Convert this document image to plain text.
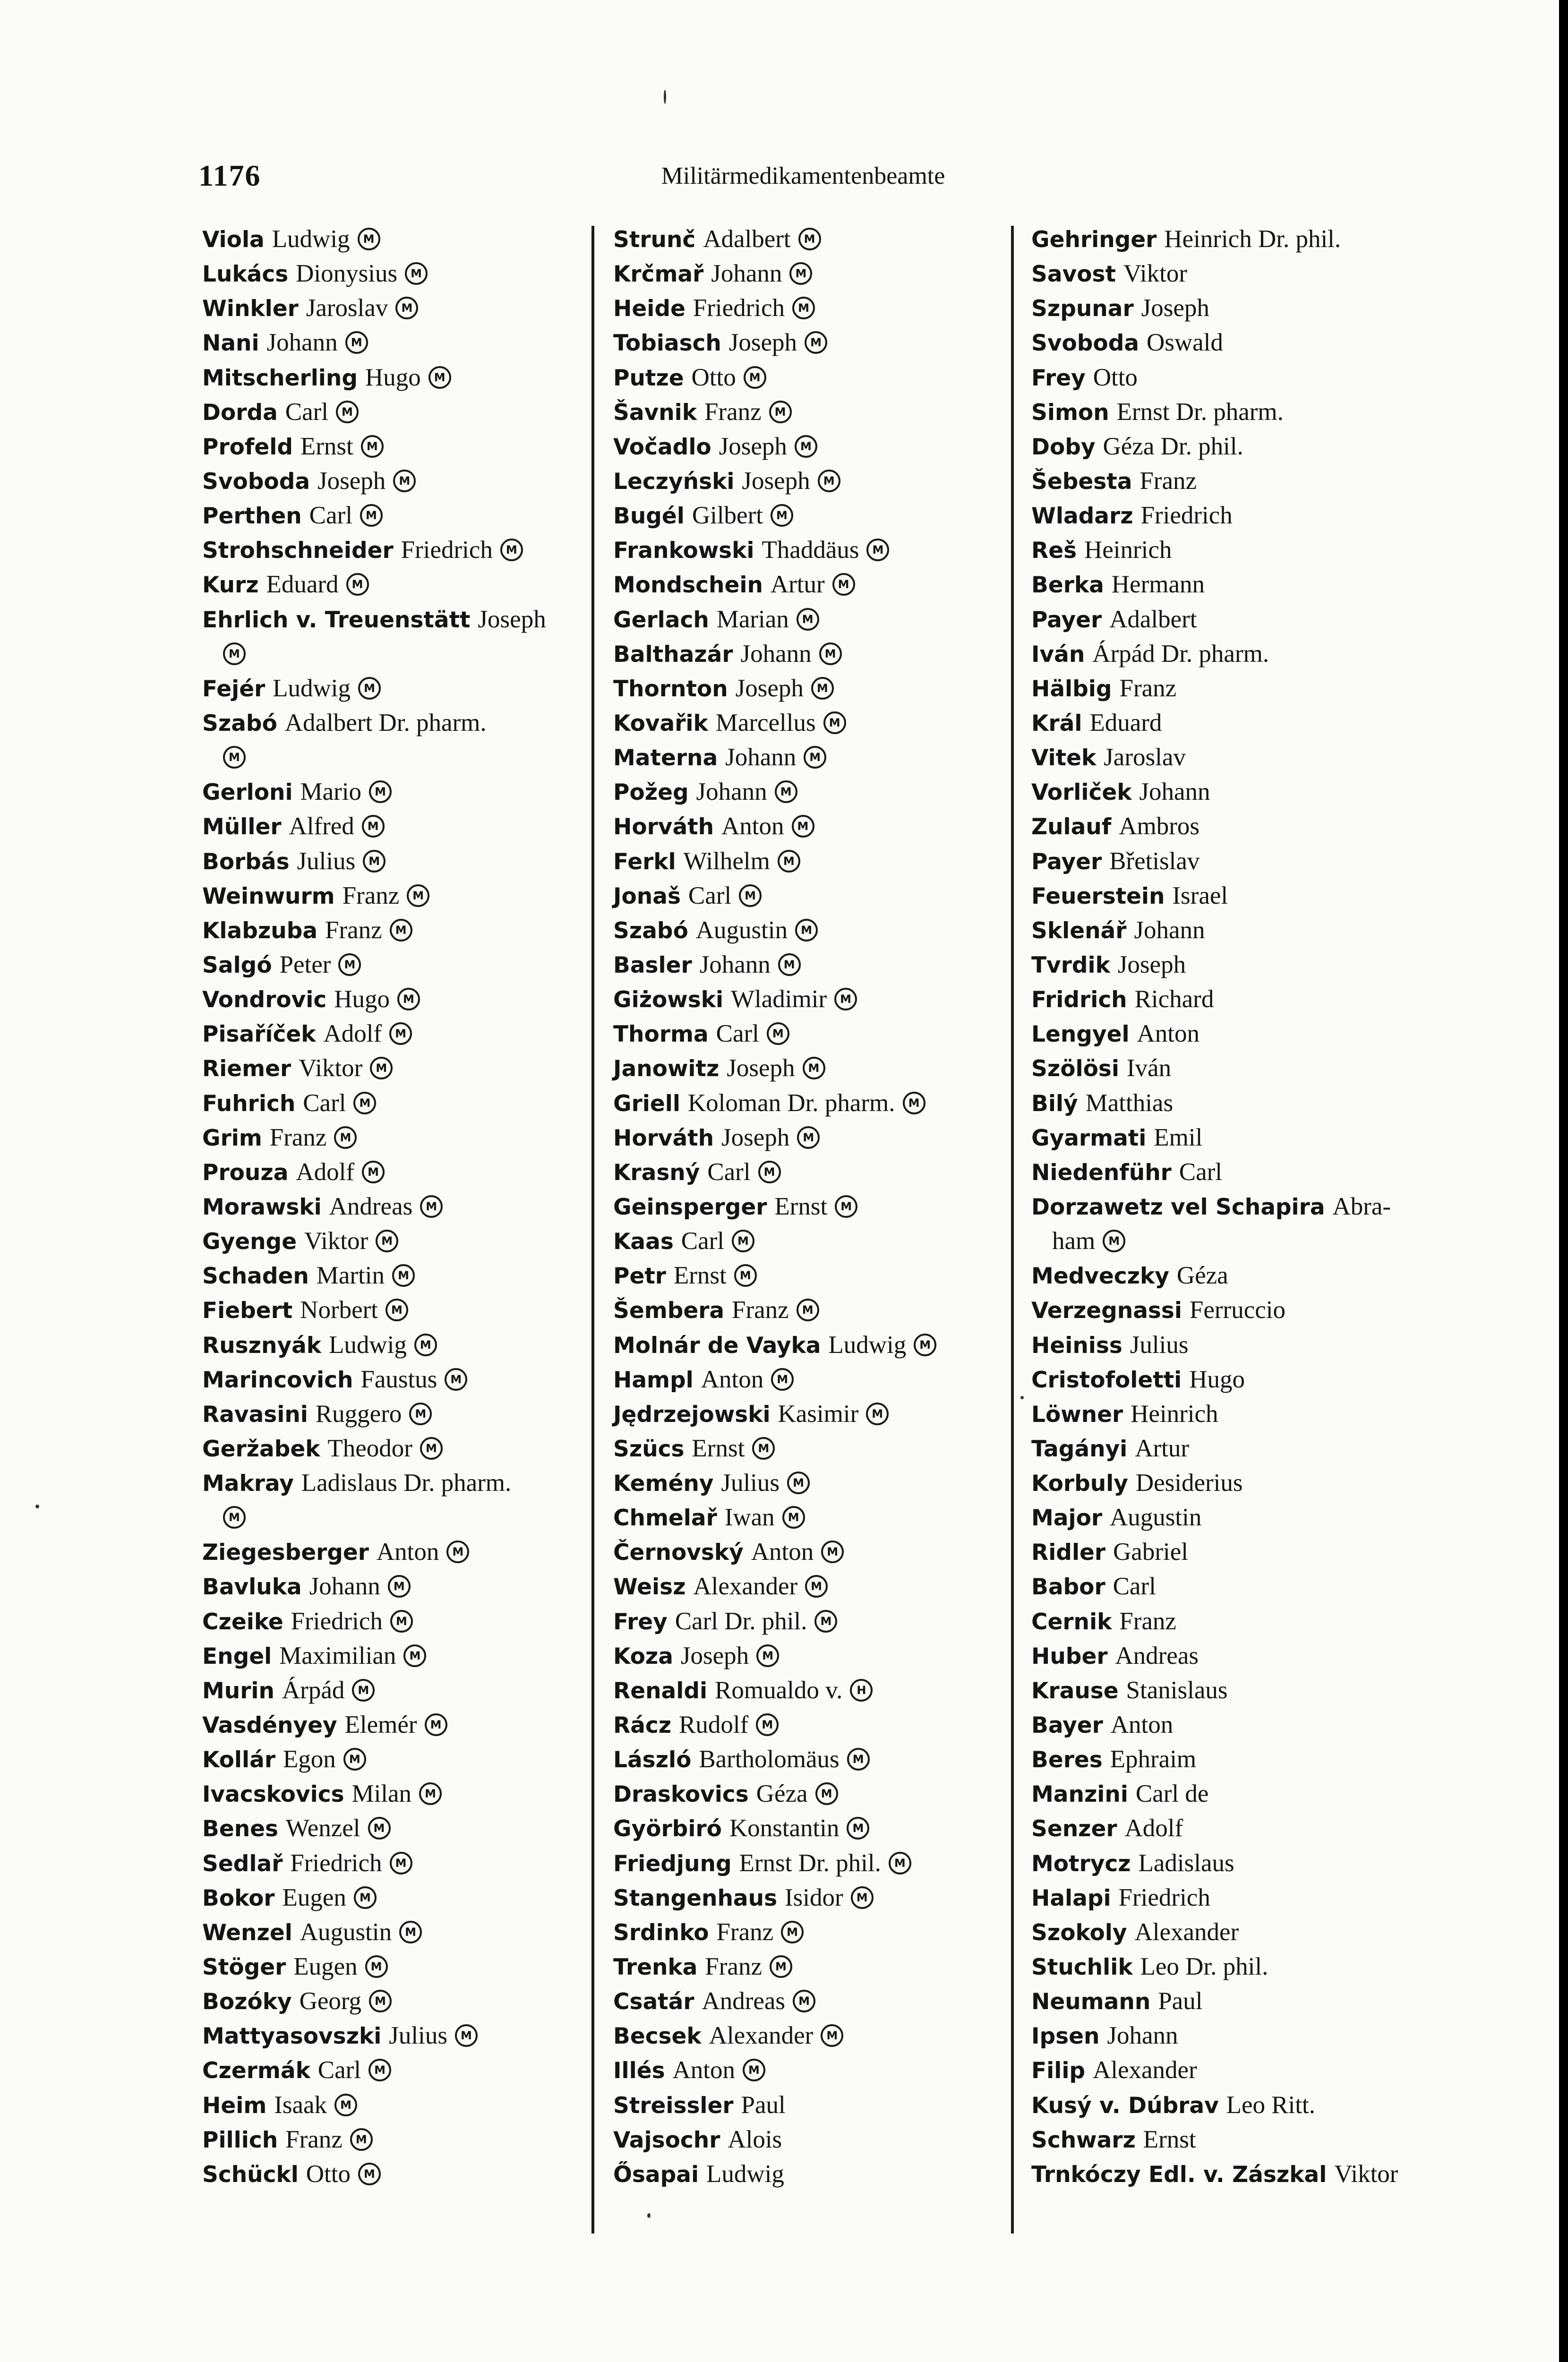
1176	Militärmedikamentenbeamte
Viola Ludwig M
Lukács Dionysius M
Winkler Jaroslav M
Nani Johann M
Mitscherling Hugo M
Dorda Carl M
Profeld Ernst M
Svoboda Joseph M
Perthen Carl M
Strohschneider Friedrich M
Kurz Eduard M
Ehrlich v. Treuenstätt Joseph
M
Fejér Ludwig M
Szabó Adalbert Dr. pharm.
M
Gerloni Mario M
Müller Alfred M
Borbás Julius M
Weinwurm Franz M
Klabzuba Franz M
Salgó Peter M
Vondrovic Hugo M
Pisaříček Adolf M
Riemer Viktor M
Fuhrich Carl M
Grim Franz M
Prouza Adolf M
Morawski Andreas M
Gyenge Viktor M
Schaden Martin M
Fiebert Norbert M
Rusznyák Ludwig M
Marincovich Faustus M
Ravasini Ruggero M
Geržabek Theodor M
Makray Ladislaus Dr. pharm.
M
Ziegesberger Anton M
Bavluka Johann M
Czeike Friedrich M
Engel Maximilian M
Murin Árpád M
Vasdényey Elemér M
Kollár Egon M
Ivacskovics Milan M
Benes Wenzel M
Sedlař Friedrich M
Bokor Eugen M
Wenzel Augustin M
Stöger Eugen M
Bozóky Georg M
Mattyasovszki Julius M
Czermák Carl M
Heim Isaak M
Pillich Franz M
Schückl Otto M
Strunč Adalbert M
Krčmař Johann M
Heide Friedrich M
Tobiasch Joseph M
Putze Otto M
Šavnik Franz M
Vočadlo Joseph M
Leczyński Joseph M
Bugél Gilbert M
Frankowski Thaddäus M
Mondschein Artur M
Gerlach Marian M
Balthazár Johann M
Thornton Joseph M
Kovařik Marcellus M
Materna Johann M
Požeg Johann M
Horváth Anton M
Ferkl Wilhelm M
Jonaš Carl M
Szabó Augustin M
Basler Johann M
Giżowski Wladimir M
Thorma Carl M
Janowitz Joseph M
Griell Koloman Dr. pharm. M
Horváth Joseph M
Krasný Carl M
Geinsperger Ernst M
Kaas Carl M
Petr Ernst M
Šembera Franz M
Molnár de Vayka Ludwig M
Hampl Anton M
Jędrzejowski Kasimir M
Szücs Ernst M
Kemény Julius M
Chmelař Iwan M
Černovský Anton M
Weisz Alexander M
Frey Carl Dr. phil. M
Koza Joseph M
Renaldi Romualdo v. H
Rácz Rudolf M
László Bartholomäus M
Draskovics Géza M
Györbiró Konstantin M
Friedjung Ernst Dr. phil. M
Stangenhaus Isidor M
Srdinko Franz M
Trenka Franz M
Csatár Andreas M
Becsek Alexander M
Illés Anton M
Streissler Paul
Vajsochr Alois
Ősapai Ludwig
Gehringer Heinrich Dr. phil.
Savost Viktor
Szpunar Joseph
Svoboda Oswald
Frey Otto
Simon Ernst Dr. pharm.
Doby Géza Dr. phil.
Šebesta Franz
Wladarz Friedrich
Reš Heinrich
Berka Hermann
Payer Adalbert
Iván Árpád Dr. pharm.
Hälbig Franz
Král Eduard
Vitek Jaroslav
Vorliček Johann
Zulauf Ambros
Payer Břetislav
Feuerstein Israel
Sklenář Johann
Tvrdik Joseph
Fridrich Richard
Lengyel Anton
Szölösi Iván
Bilý Matthias
Gyarmati Emil
Niedenführ Carl
Dorzawetz vel Schapira Abra-
ham M
Medveczky Géza
Verzegnassi Ferruccio
Heiniss Julius
Cristofoletti Hugo
Löwner Heinrich
Tagányi Artur
Korbuly Desiderius
Major Augustin
Ridler Gabriel
Babor Carl
Cernik Franz
Huber Andreas
Krause Stanislaus
Bayer Anton
Beres Ephraim
Manzini Carl de
Senzer Adolf
Motrycz Ladislaus
Halapi Friedrich
Szokoly Alexander
Stuchlik Leo Dr. phil.
Neumann Paul
Ipsen Johann
Filip Alexander
Kusý v. Dúbrav Leo Ritt.
Schwarz Ernst
Trnkóczy Edl. v. Zászkal Viktor
